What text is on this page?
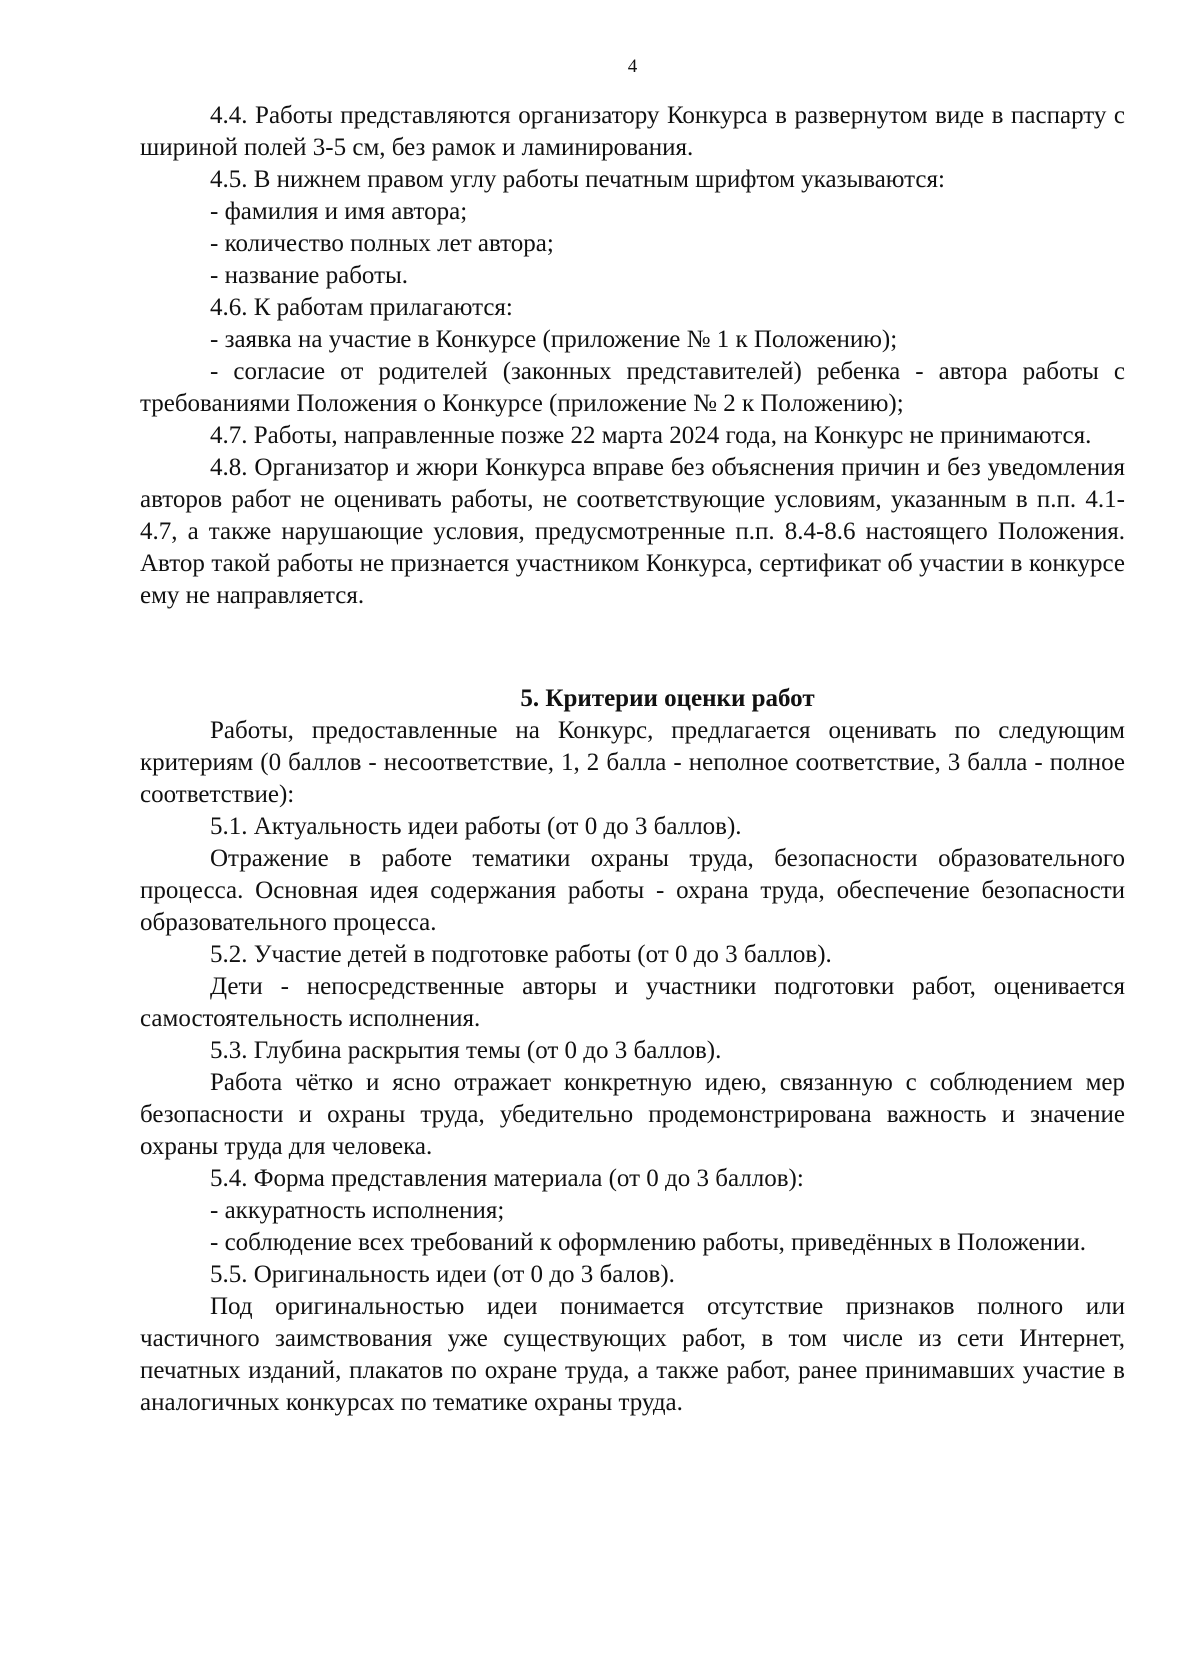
4

4.4. Работы представляются организатору Конкурса в развернутом виде в паспарту с шириной полей 3-5 см, без рамок и ламинирования.

4.5. В нижнем правом углу работы печатным шрифтом указываются:

- фамилия и имя автора;

- количество полных лет автора;

- название работы.

4.6. К работам прилагаются:

- заявка на участие в Конкурсе (приложение № 1 к Положению);

- согласие от родителей (законных представителей) ребенка - автора работы с требованиями Положения о Конкурсе (приложение № 2 к Положению);

4.7. Работы, направленные позже 22 марта 2024 года, на Конкурс не принимаются.

4.8. Организатор и жюри Конкурса вправе без объяснения причин и без уведомления авторов работ не оценивать работы, не соответствующие условиям, указанным в п.п. 4.1-4.7, а также нарушающие условия, предусмотренные п.п. 8.4-8.6 настоящего Положения. Автор такой работы не признается участником Конкурса, сертификат об участии в конкурсе ему не направляется.

5. Критерии оценки работ

Работы, предоставленные на Конкурс, предлагается оценивать по следующим критериям (0 баллов - несоответствие, 1, 2 балла - неполное соответствие, 3 балла - полное соответствие):

5.1. Актуальность идеи работы (от 0 до 3 баллов).

Отражение в работе тематики охраны труда, безопасности образовательного процесса. Основная идея содержания работы - охрана труда, обеспечение безопасности образовательного процесса.

5.2. Участие детей в подготовке работы (от 0 до 3 баллов).

Дети - непосредственные авторы и участники подготовки работ, оценивается самостоятельность исполнения.

5.3. Глубина раскрытия темы (от 0 до 3 баллов).

Работа чётко и ясно отражает конкретную идею, связанную с соблюдением мер безопасности и охраны труда, убедительно продемонстрирована важность и значение охраны труда для человека.

5.4. Форма представления материала (от 0 до 3 баллов):

- аккуратность исполнения;

- соблюдение всех требований к оформлению работы, приведённых в Положении.

5.5. Оригинальность идеи (от 0 до 3 балов).

Под оригинальностью идеи понимается отсутствие признаков полного или частичного заимствования уже существующих работ, в том числе из сети Интернет, печатных изданий, плакатов по охране труда, а также работ, ранее принимавших участие в аналогичных конкурсах по тематике охраны труда.
